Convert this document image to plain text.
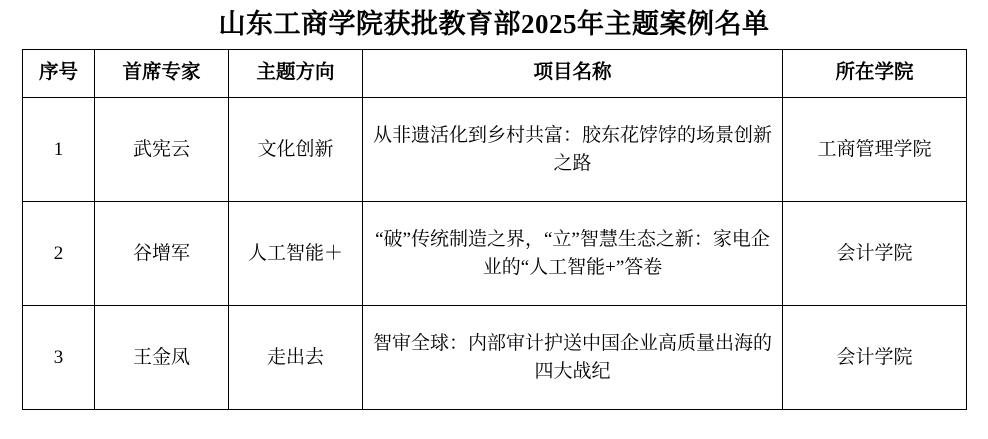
山东工商学院获批教育部2025年主题案例名单
序号	首席专家	主题方向	项目名称	所在学院
1	武宪云	文化创新	从非遗活化到乡村共富：胶东花饽饽的场景创新之路	工商管理学院
2	谷增军	人工智能＋	“破”传统制造之界，“立”智慧生态之新：家电企业的“人工智能+”答卷	会计学院
3	王金凤	走出去	智审全球：内部审计护送中国企业高质量出海的四大战纪	会计学院
